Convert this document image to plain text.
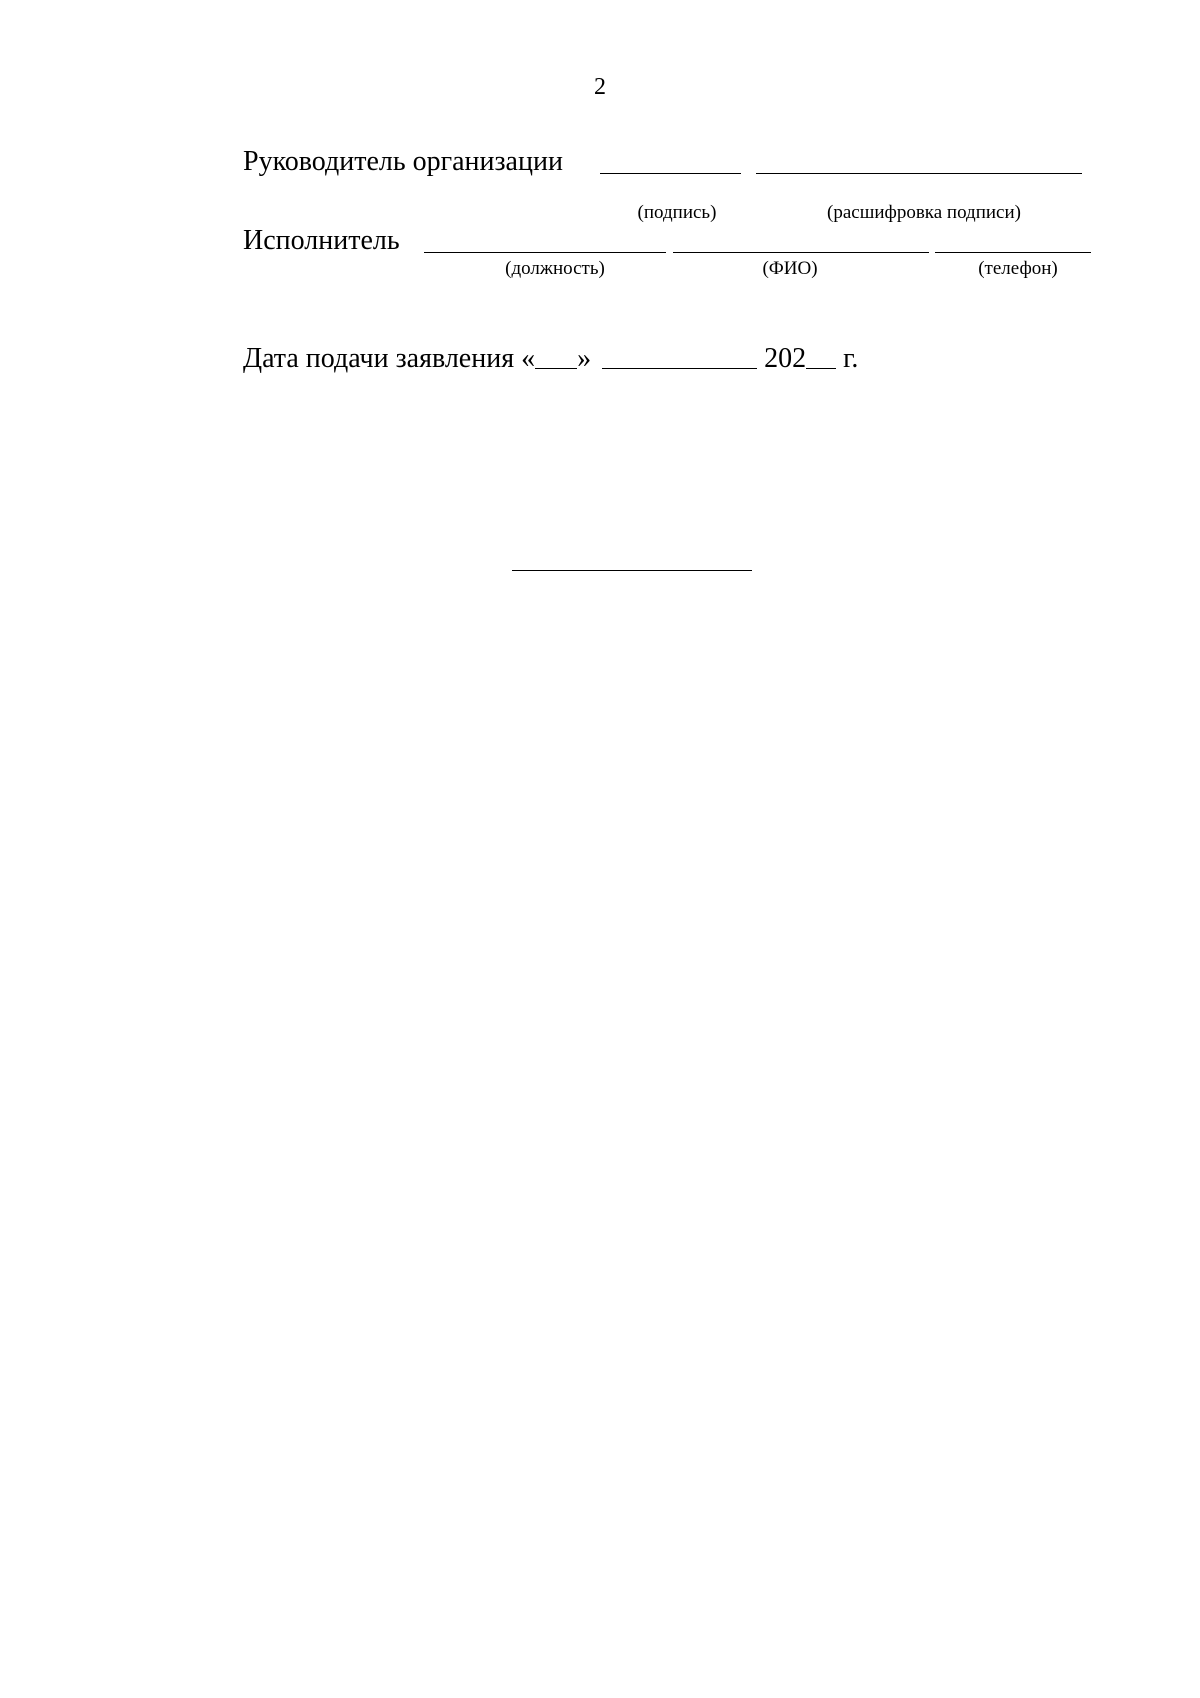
2
Руководитель организации
(подпись)	(расшифровка подписи)
Исполнитель
(должность)	(ФИО)	(телефон)
Дата подачи заявления « »	202 г.
